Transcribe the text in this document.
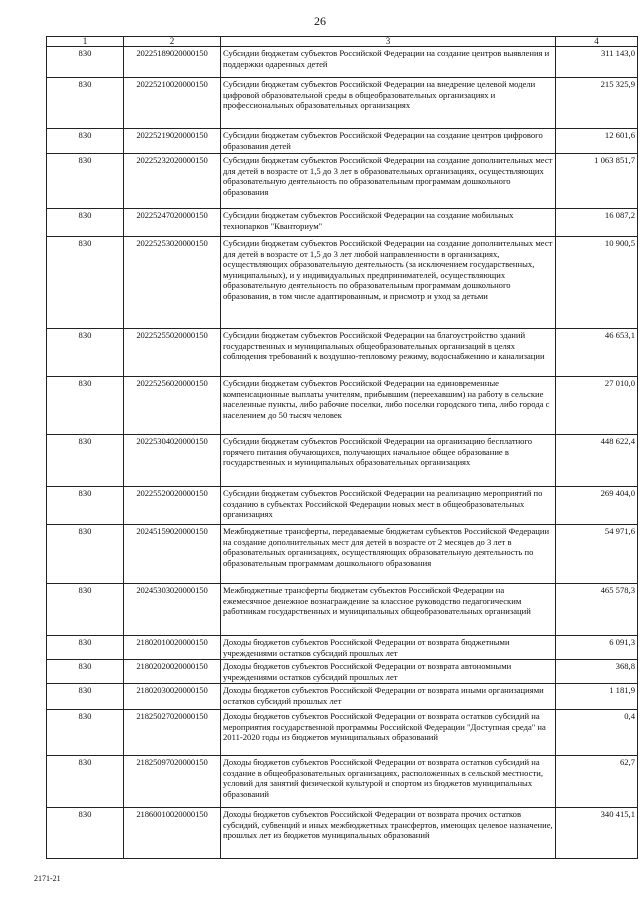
26
1	2	3	4
830	20225189020000150	Субсидии бюджетам субъектов Российской Федерации на создание центров выявления и поддержки одаренных детей	311 143,0
830	20225210020000150	Субсидии бюджетам субъектов Российской Федерации на внедрение целевой модели цифровой образовательной среды в общеобразовательных организациях и профессиональных образовательных организациях	215 325,9
830	20225219020000150	Субсидии бюджетам субъектов Российской Федерации на создание центров цифрового образования детей	12 601,6
830	20225232020000150	Субсидии бюджетам субъектов Российской Федерации на создание дополнительных мест для детей в возрасте от 1,5 до 3 лет в образовательных организациях, осуществляющих образовательную деятельность по образовательным программам дошкольного образования	1 063 851,7
830	20225247020000150	Субсидии бюджетам субъектов Российской Федерации на создание мобильных технопарков "Кванториум"	16 087,2
830	20225253020000150	Субсидии бюджетам субъектов Российской Федерации на создание дополнительных мест для детей в возрасте от 1,5 до 3 лет любой направленности в организациях, осуществляющих образовательную деятельность (за исключением государственных, муниципальных), и у индивидуальных предпринимателей, осуществляющих образовательную деятельность по образовательным программам дошкольного образования, в том числе адаптированным, и присмотр и уход за детьми	10 900,5
830	20225255020000150	Субсидии бюджетам субъектов Российской Федерации на благоустройство зданий государственных и муниципальных общеобразовательных организаций в целях соблюдения требований к воздушно-тепловому режиму, водоснабжению и канализации	46 653,1
830	20225256020000150	Субсидии бюджетам субъектов Российской Федерации на единовременные компенсационные выплаты учителям, прибывшим (переехавшим) на работу в сельские населенные пункты, либо рабочие поселки, либо поселки городского типа, либо города с населением до 50 тысяч человек	27 010,0
830	20225304020000150	Субсидии бюджетам субъектов Российской Федерации на организацию бесплатного горячего питания обучающихся, получающих начальное общее образование в государственных и муниципальных образовательных организациях	448 622,4
830	20225520020000150	Субсидии бюджетам субъектов Российской Федерации на реализацию мероприятий по созданию в субъектах Российской Федерации новых мест в общеобразовательных организациях	269 404,0
830	20245159020000150	Межбюджетные трансферты, передаваемые бюджетам субъектов Российской Федерации на создание дополнительных мест для детей в возрасте от 2 месяцев до 3 лет в образовательных организациях, осуществляющих образовательную деятельность по образовательным программам дошкольного образования	54 971,6
830	20245303020000150	Межбюджетные трансферты бюджетам субъектов Российской Федерации на ежемесячное денежное вознаграждение за классное руководство педагогическим работникам государственных и муниципальных общеобразовательных организаций	465 578,3
830	21802010020000150	Доходы бюджетов субъектов Российской Федерации от возврата бюджетными учреждениями остатков субсидий прошлых лет	6 091,3
830	21802020020000150	Доходы бюджетов субъектов Российской Федерации от возврата автономными учреждениями остатков субсидий прошлых лет	368,8
830	21802030020000150	Доходы бюджетов субъектов Российской Федерации от возврата иными организациями остатков субсидий прошлых лет	1 181,9
830	21825027020000150	Доходы бюджетов субъектов Российской Федерации от возврата остатков субсидий на мероприятия государственной программы Российской Федерации "Доступная среда" на 2011-2020 годы из бюджетов муниципальных образований	0,4
830	21825097020000150	Доходы бюджетов субъектов Российской Федерации от возврата остатков субсидий на создание в общеобразовательных организациях, расположенных в сельской местности, условий для занятий физической культурой и спортом из бюджетов муниципальных образований	62,7
830	21860010020000150	Доходы бюджетов субъектов Российской Федерации от возврата прочих остатков субсидий, субвенций и иных межбюджетных трансфертов, имеющих целевое назначение, прошлых лет из бюджетов муниципальных образований	340 415,1
2171-21
